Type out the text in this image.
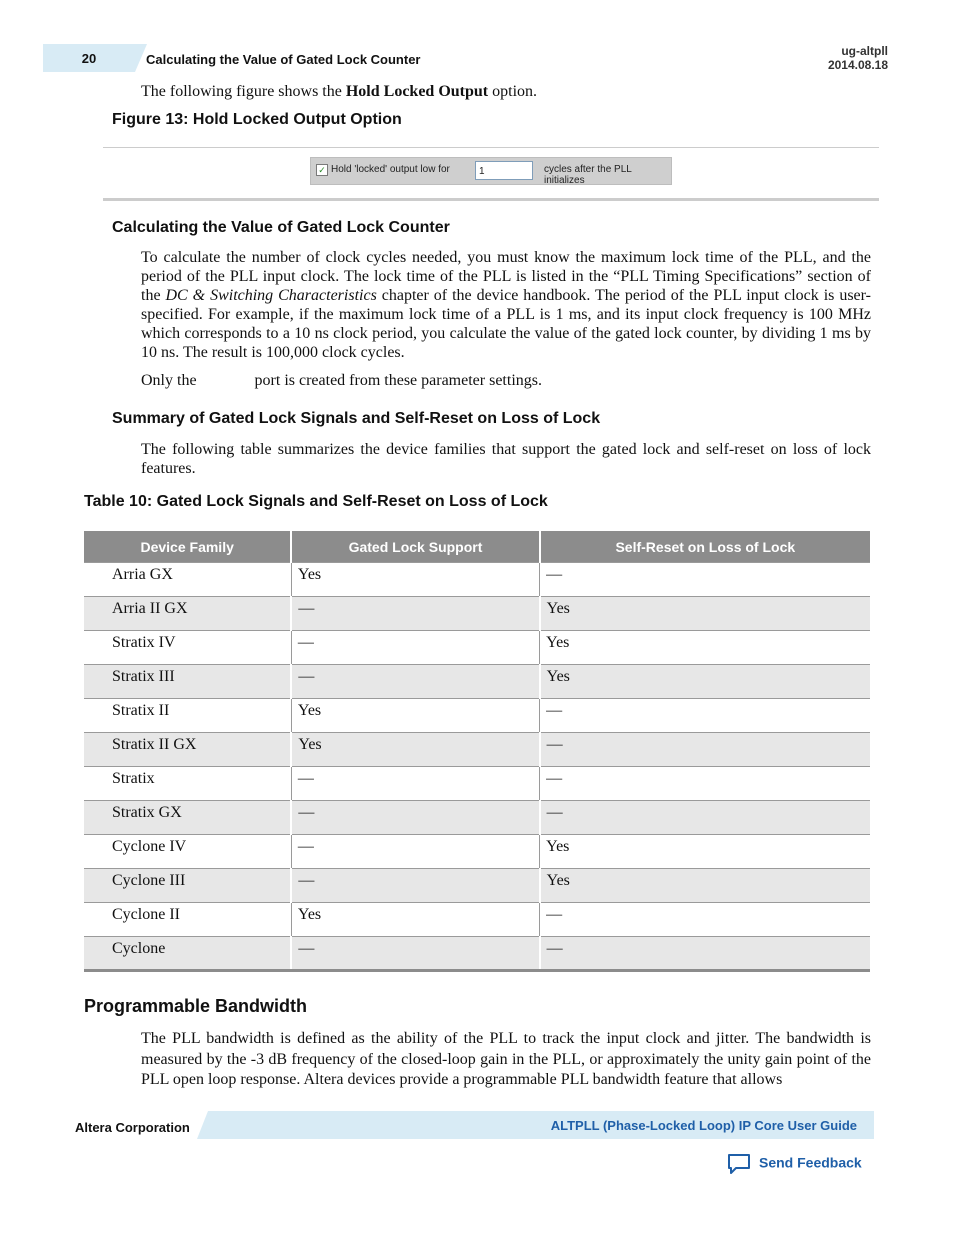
20	Calculating the Value of Gated Lock Counter
ug-altpll
2014.08.18
The following figure shows the Hold Locked Output option.
Figure 13: Hold Locked Output Option
✓ Hold 'locked' output low for	1	cycles after the PLL initializes
Calculating the Value of Gated Lock Counter
To calculate the number of clock cycles needed, you must know the maximum lock time of the PLL, and the period of the PLL input clock. The lock time of the PLL is listed in the “PLL Timing Specifications” section of the DC & Switching Characteristics chapter of the device handbook. The period of the PLL input clock is user-specified. For example, if the maximum lock time of a PLL is 1 ms, and its input clock frequency is 100 MHz which corresponds to a 10 ns clock period, you calculate the value of the gated lock counter, by dividing 1 ms by 10 ns. The result is 100,000 clock cycles.
Only the	port is created from these parameter settings.
Summary of Gated Lock Signals and Self-Reset on Loss of Lock
The following table summarizes the device families that support the gated lock and self-reset on loss of lock features.
Table 10: Gated Lock Signals and Self-Reset on Loss of Lock
Device Family	Gated Lock Support	Self-Reset on Loss of Lock
Arria GX	Yes	—
Arria II GX	—	Yes
Stratix IV	—	Yes
Stratix III	—	Yes
Stratix II	Yes	—
Stratix II GX	Yes	—
Stratix	—	—
Stratix GX	—	—
Cyclone IV	—	Yes
Cyclone III	—	Yes
Cyclone II	Yes	—
Cyclone	—	—
Programmable Bandwidth
The PLL bandwidth is defined as the ability of the PLL to track the input clock and jitter. The bandwidth is measured by the -3 dB frequency of the closed-loop gain in the PLL, or approximately the unity gain point of the PLL open loop response. Altera devices provide a programmable PLL bandwidth feature that allows
Altera Corporation	ALTPLL (Phase-Locked Loop) IP Core User Guide
Send Feedback
